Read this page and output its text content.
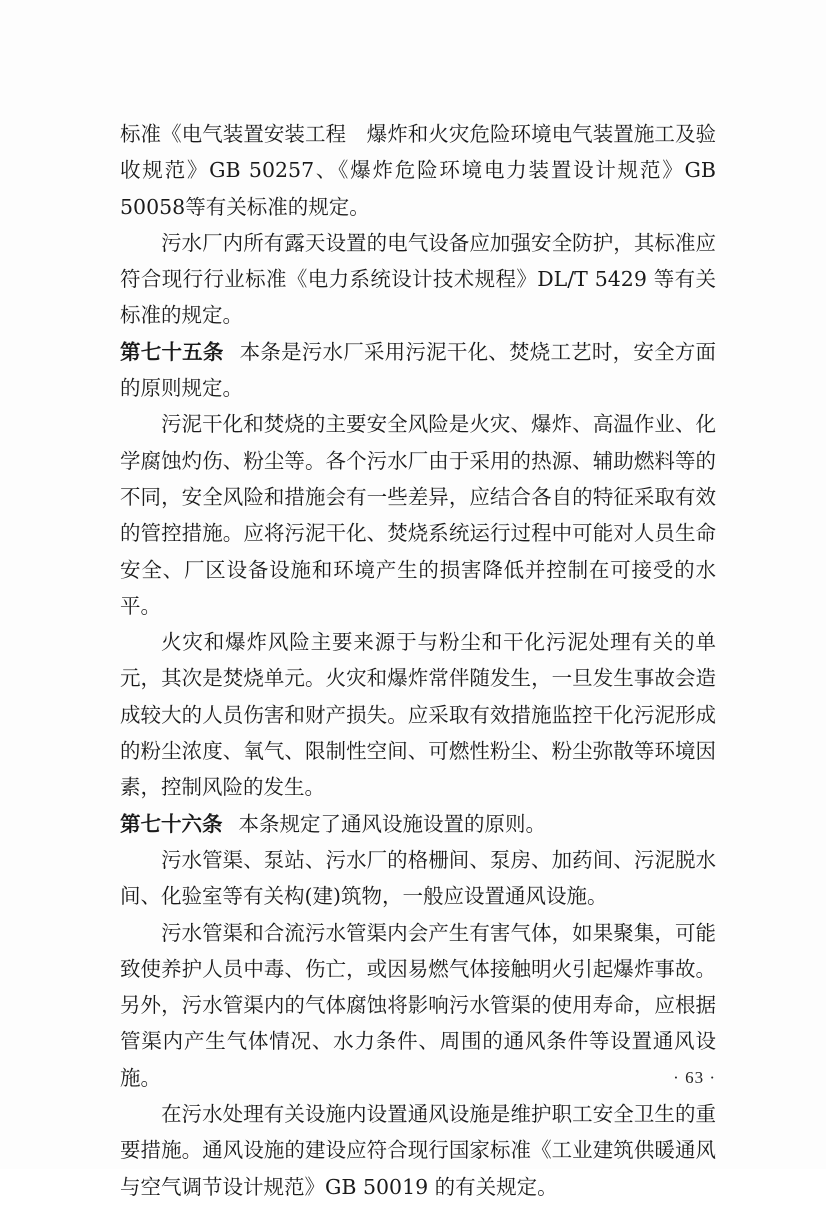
标准《电气装置安装工程　爆炸和火灾危险环境电气装置施工及验收规范》GB 50257、《爆炸危险环境电力装置设计规范》GB 50058等有关标准的规定。

污水厂内所有露天设置的电气设备应加强安全防护，其标准应符合现行行业标准《电力系统设计技术规程》DL/T 5429 等有关标准的规定。

第七十五条 本条是污水厂采用污泥干化、焚烧工艺时，安全方面的原则规定。

污泥干化和焚烧的主要安全风险是火灾、爆炸、高温作业、化学腐蚀灼伤、粉尘等。各个污水厂由于采用的热源、辅助燃料等的不同，安全风险和措施会有一些差异，应结合各自的特征采取有效的管控措施。应将污泥干化、焚烧系统运行过程中可能对人员生命安全、厂区设备设施和环境产生的损害降低并控制在可接受的水平。

火灾和爆炸风险主要来源于与粉尘和干化污泥处理有关的单元，其次是焚烧单元。火灾和爆炸常伴随发生，一旦发生事故会造成较大的人员伤害和财产损失。应采取有效措施监控干化污泥形成的粉尘浓度、氧气、限制性空间、可燃性粉尘、粉尘弥散等环境因素，控制风险的发生。

第七十六条 本条规定了通风设施设置的原则。

污水管渠、泵站、污水厂的格栅间、泵房、加药间、污泥脱水间、化验室等有关构(建)筑物，一般应设置通风设施。

污水管渠和合流污水管渠内会产生有害气体，如果聚集，可能致使养护人员中毒、伤亡，或因易燃气体接触明火引起爆炸事故。另外，污水管渠内的气体腐蚀将影响污水管渠的使用寿命，应根据管渠内产生气体情况、水力条件、周围的通风条件等设置通风设施。

在污水处理有关设施内设置通风设施是维护职工安全卫生的重要措施。通风设施的建设应符合现行国家标准《工业建筑供暖通风与空气调节设计规范》GB 50019 的有关规定。

· 63 ·
